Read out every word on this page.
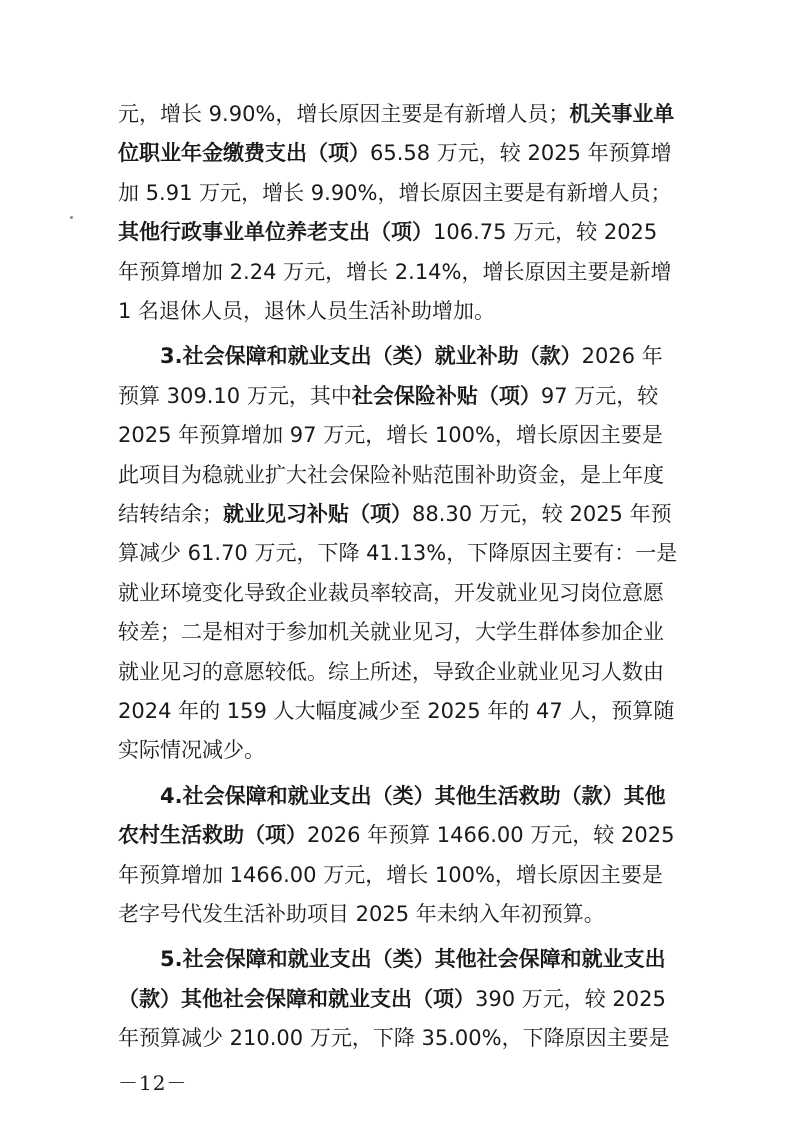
元，增长 9.90%，增长原因主要是有新增人员；机关事业单
位职业年金缴费支出（项）65.58 万元，较 2025 年预算增
加 5.91 万元，增长 9.90%，增长原因主要是有新增人员；
其他行政事业单位养老支出（项）106.75 万元，较 2025
年预算增加 2.24 万元，增长 2.14%，增长原因主要是新增
1 名退休人员，退休人员生活补助增加。
3.社会保障和就业支出（类）就业补助（款）2026 年
预算 309.10 万元，其中社会保险补贴（项）97 万元，较
2025 年预算增加 97 万元，增长 100%，增长原因主要是
此项目为稳就业扩大社会保险补贴范围补助资金，是上年度
结转结余；就业见习补贴（项）88.30 万元，较 2025 年预
算减少 61.70 万元，下降 41.13%，下降原因主要有：一是
就业环境变化导致企业裁员率较高，开发就业见习岗位意愿
较差；二是相对于参加机关就业见习，大学生群体参加企业
就业见习的意愿较低。综上所述，导致企业就业见习人数由
2024 年的 159 人大幅度减少至 2025 年的 47 人，预算随
实际情况减少。
4.社会保障和就业支出（类）其他生活救助（款）其他
农村生活救助（项）2026 年预算 1466.00 万元，较 2025
年预算增加 1466.00 万元，增长 100%，增长原因主要是
老字号代发生活补助项目 2025 年未纳入年初预算。
5.社会保障和就业支出（类）其他社会保障和就业支出
（款）其他社会保障和就业支出（项）390 万元，较 2025
年预算减少 210.00 万元，下降 35.00%，下降原因主要是
－12－
